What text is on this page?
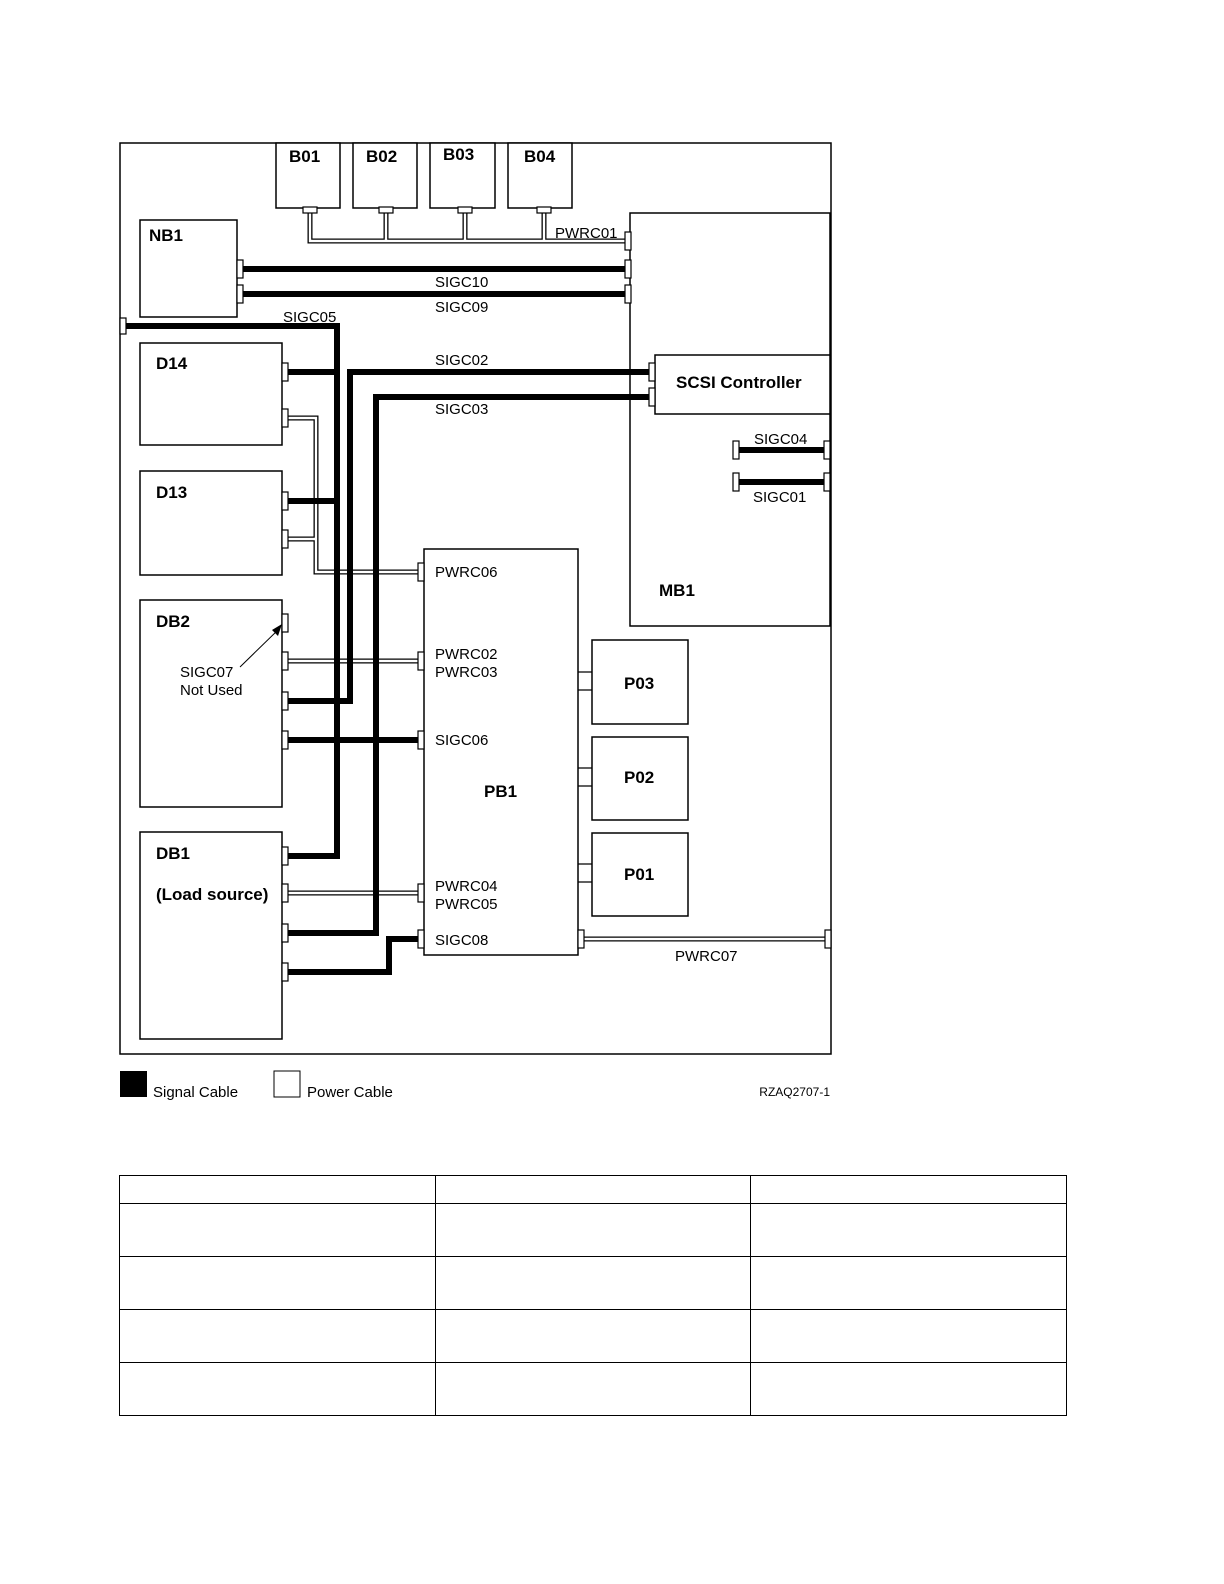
B01	B02	B03	B04
MB1
SCSI Controller
NB1
D14
D13
DB2
DB1
(Load source)
PB1
P03
P02
P01
PWRC01
SIGC10
SIGC09
SIGC05
SIGC02
SIGC03
SIGC04
SIGC01
PWRC06
PWRC02
PWRC03
SIGC06
PWRC04
PWRC05
SIGC08
PWRC07
SIGC07
Not Used
Signal Cable	Power Cable	RZAQ2707-1
